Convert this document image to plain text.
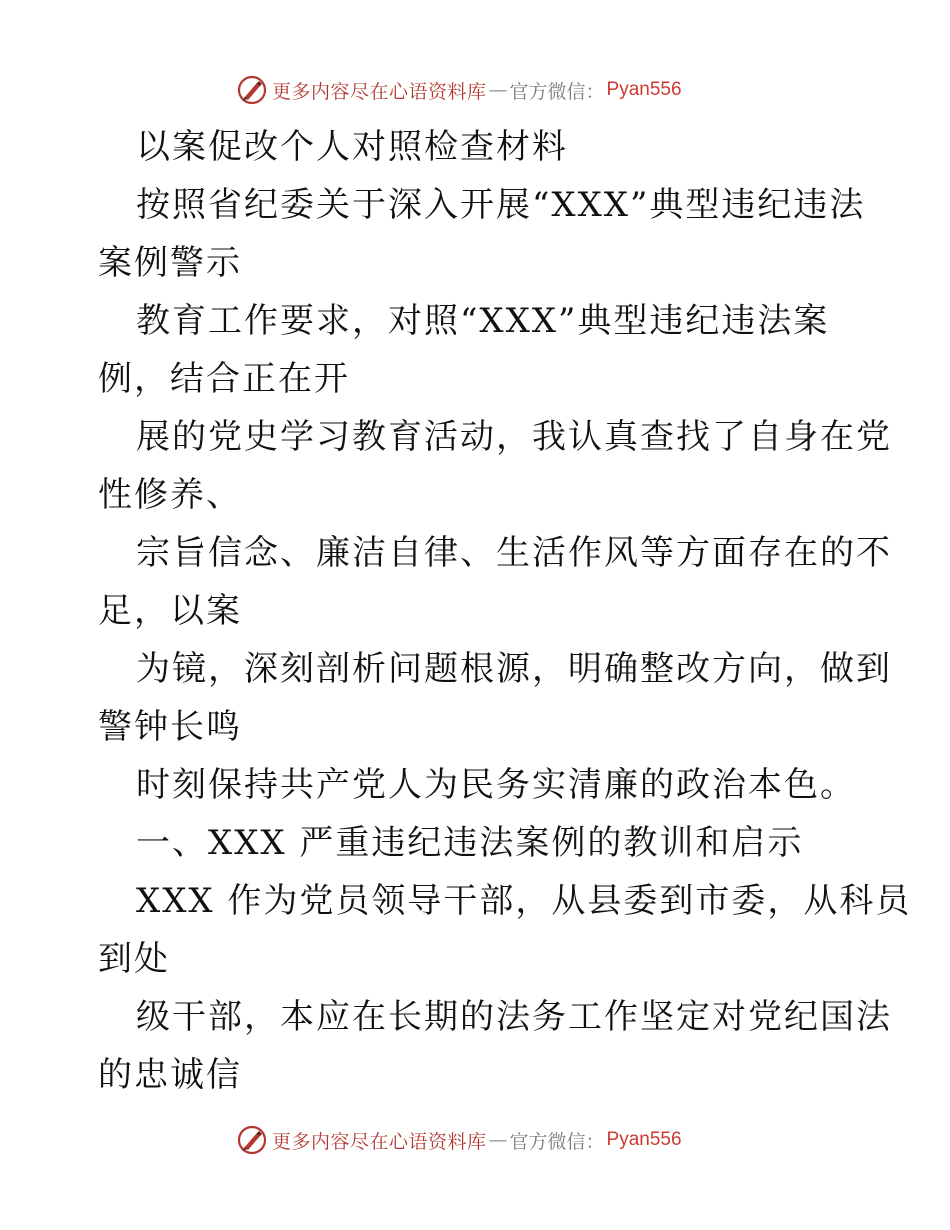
更多内容尽在心语资料库 — 官方微信： Pyan556
以案促改个人对照检查材料
按照省纪委关于深入开展“XXX”典型违纪违法
案例警示
教育工作要求，对照“XXX”典型违纪违法案
例，结合正在开
展的党史学习教育活动，我认真查找了自身在党
性修养、
宗旨信念、廉洁自律、生活作风等方面存在的不
足，以案
为镜，深刻剖析问题根源，明确整改方向，做到
警钟长鸣
时刻保持共产党人为民务实清廉的政治本色。
一、XXX 严重违纪违法案例的教训和启示
XXX 作为党员领导干部，从县委到市委，从科员
到处
级干部，本应在长期的法务工作坚定对党纪国法
的忠诚信
更多内容尽在心语资料库 — 官方微信： Pyan556
